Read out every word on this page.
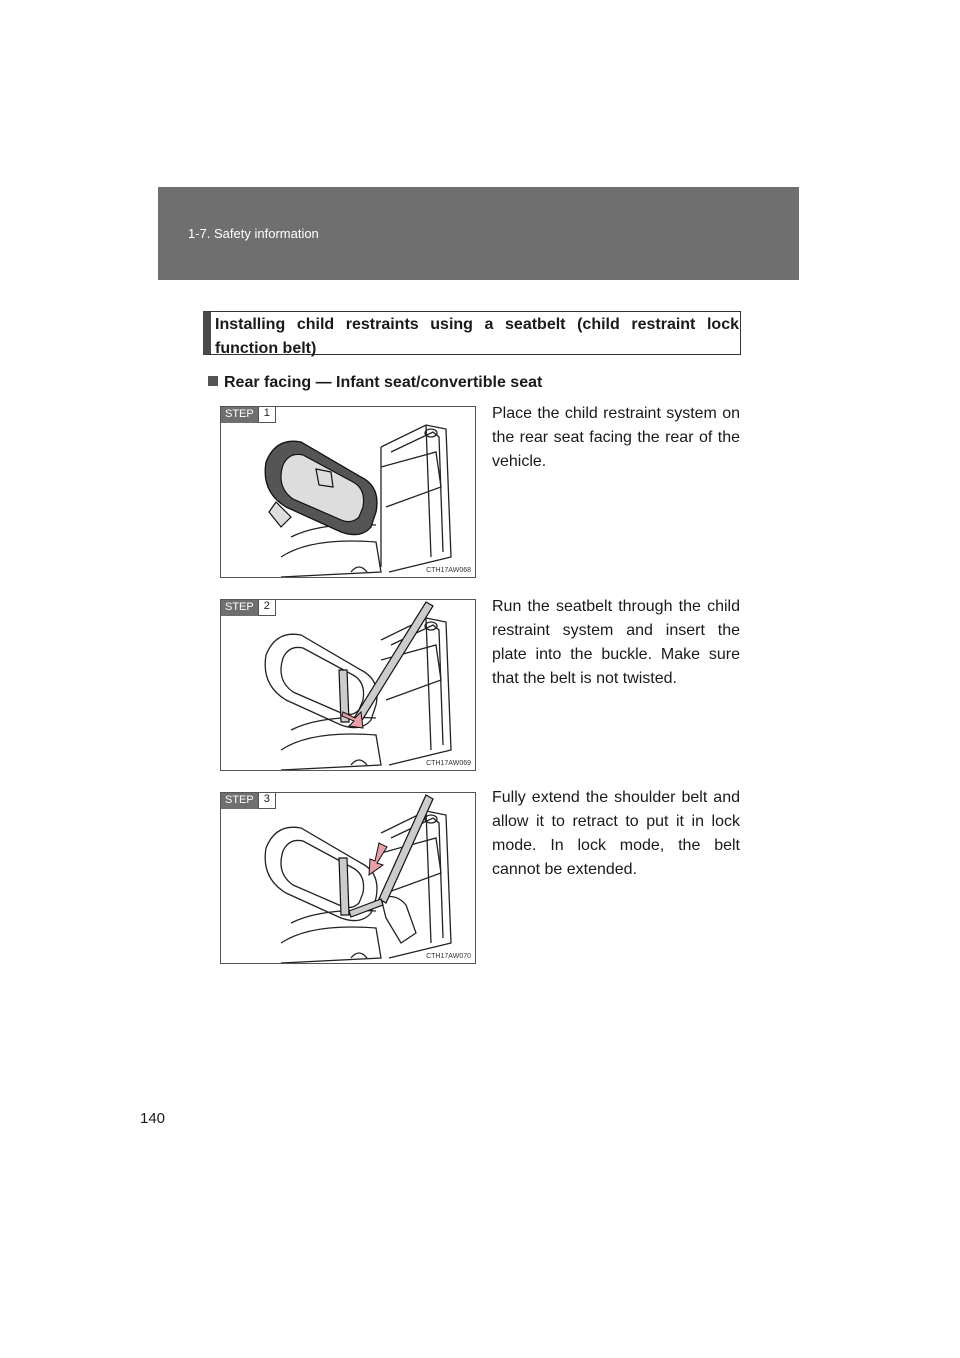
1-7. Safety information
Installing child restraints using a seatbelt (child restraint lock function belt)
Rear facing — Infant seat/convertible seat
STEP 1
CTH17AW068
Place the child restraint system on the rear seat facing the rear of the vehicle.
STEP 2
CTH17AW069
Run the seatbelt through the child restraint system and insert the plate into the buckle. Make sure that the belt is not twisted.
STEP 3
CTH17AW070
Fully extend the shoulder belt and allow it to retract to put it in lock mode. In lock mode, the belt cannot be extended.
140
